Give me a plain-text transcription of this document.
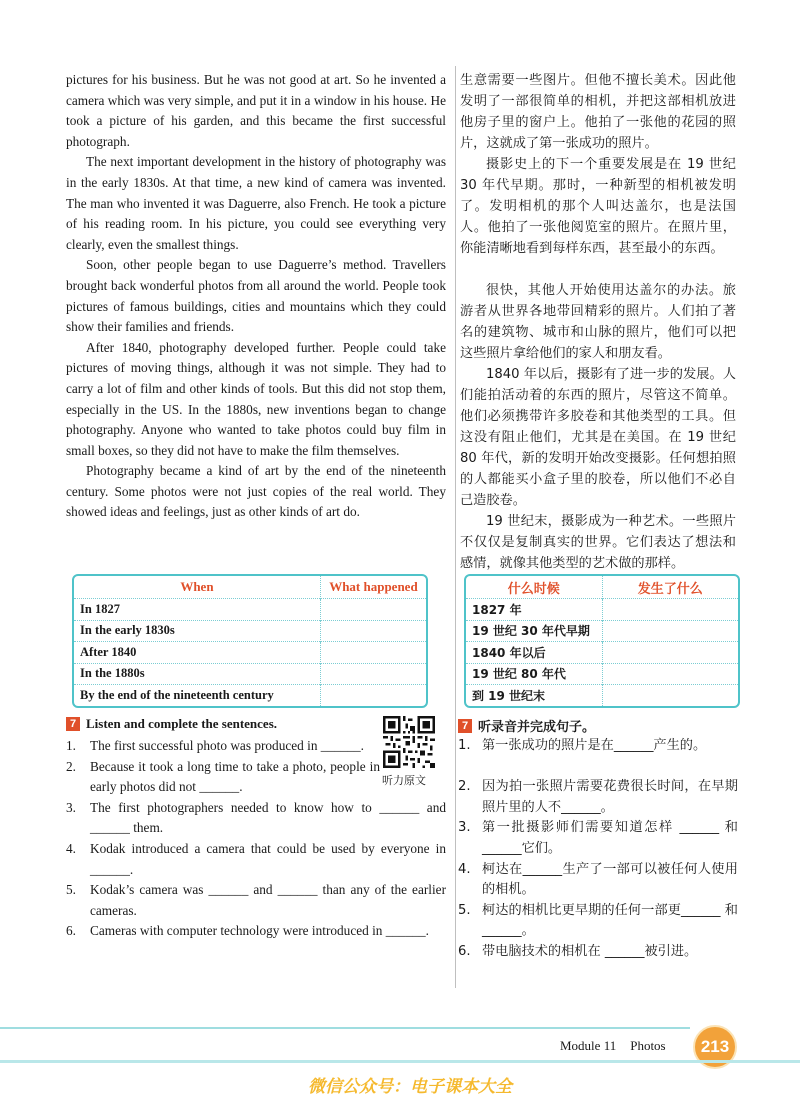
pictures for his business. But he was not good at art. So he invented a camera which was very simple, and put it in a window in his house. He took a picture of his garden, and this became the first successful photograph.

The next important development in the history of photography was in the early 1830s. At that time, a new kind of camera was invented. The man who invented it was Daguerre, also French. He took a picture of his reading room. In his picture, you could see everything very clearly, even the smallest things.

Soon, other people began to use Daguerre’s method. Travellers brought back wonderful photos from all around the world. People took pictures of famous buildings, cities and mountains which they could show their families and friends.

After 1840, photography developed further. People could take pictures of moving things, although it was not simple. They had to carry a lot of film and other kinds of tools. But this did not stop them, especially in the US. In the 1880s, new inventions began to change photography. Anyone who wanted to take photos could buy film in small boxes, so they did not have to make the film themselves.

Photography became a kind of art by the end of the nineteenth century. Some photos were not just copies of the real world. They showed ideas and feelings, just as other kinds of art do.

生意需要一些图片。但他不擅长美术。因此他发明了一部很简单的相机，并把这部相机放进他房子里的窗户上。他拍了一张他的花园的照片，这就成了第一张成功的照片。

摄影史上的下一个重要发展是在 19 世纪 30 年代早期。那时，一种新型的相机被发明了。发明相机的那个人叫达盖尔，也是法国人。他拍了一张他阅览室的照片。在照片里，你能清晰地看到每样东西，甚至最小的东西。

很快，其他人开始使用达盖尔的办法。旅游者从世界各地带回精彩的照片。人们拍了著名的建筑物、城市和山脉的照片，他们可以把这些照片拿给他们的家人和朋友看。

1840 年以后，摄影有了进一步的发展。人们能拍活动着的东西的照片，尽管这不简单。他们必须携带许多胶卷和其他类型的工具。但这没有阻止他们，尤其是在美国。在 19 世纪 80 年代，新的发明开始改变摄影。任何想拍照的人都能买小盒子里的胶卷，所以他们不必自己造胶卷。

19 世纪末，摄影成为一种艺术。一些照片不仅仅是复制真实的世界。它们表达了想法和感情，就像其他类型的艺术做的那样。

When	What happened
In 1827	
In the early 1830s	
After 1840	
In the 1880s	
By the end of the nineteenth century	
什么时候	发生了什么
1827 年	
19 世纪 30 年代早期	
1840 年以后	
19 世纪 80 年代	
到 19 世纪末	
7 Listen and complete the sentences.
1.	The first successful photo was produced in ______.
2.	Because it took a long time to take a photo, people in early photos did not ______.
3.	The first photographers needed to know how to ______ and ______ them.
4.	Kodak introduced a camera that could be used by everyone in ______.
5.	Kodak’s camera was ______ and ______ than any of the earlier cameras.
6.	Cameras with computer technology were introduced in ______.
听力原文
7 听录音并完成句子。
1. 第一张成功的照片是在______产生的。
2. 因为拍一张照片需要花费很长时间，在早期照片里的人不______。
3. 第一批摄影师们需要知道怎样 ______ 和 ______它们。
4. 柯达在______生产了一部可以被任何人使用的相机。
5. 柯达的相机比更早期的任何一部更______ 和______。
6. 带电脑技术的相机在 ______被引进。
Module 11 Photos	213
微信公众号：电子课本大全
